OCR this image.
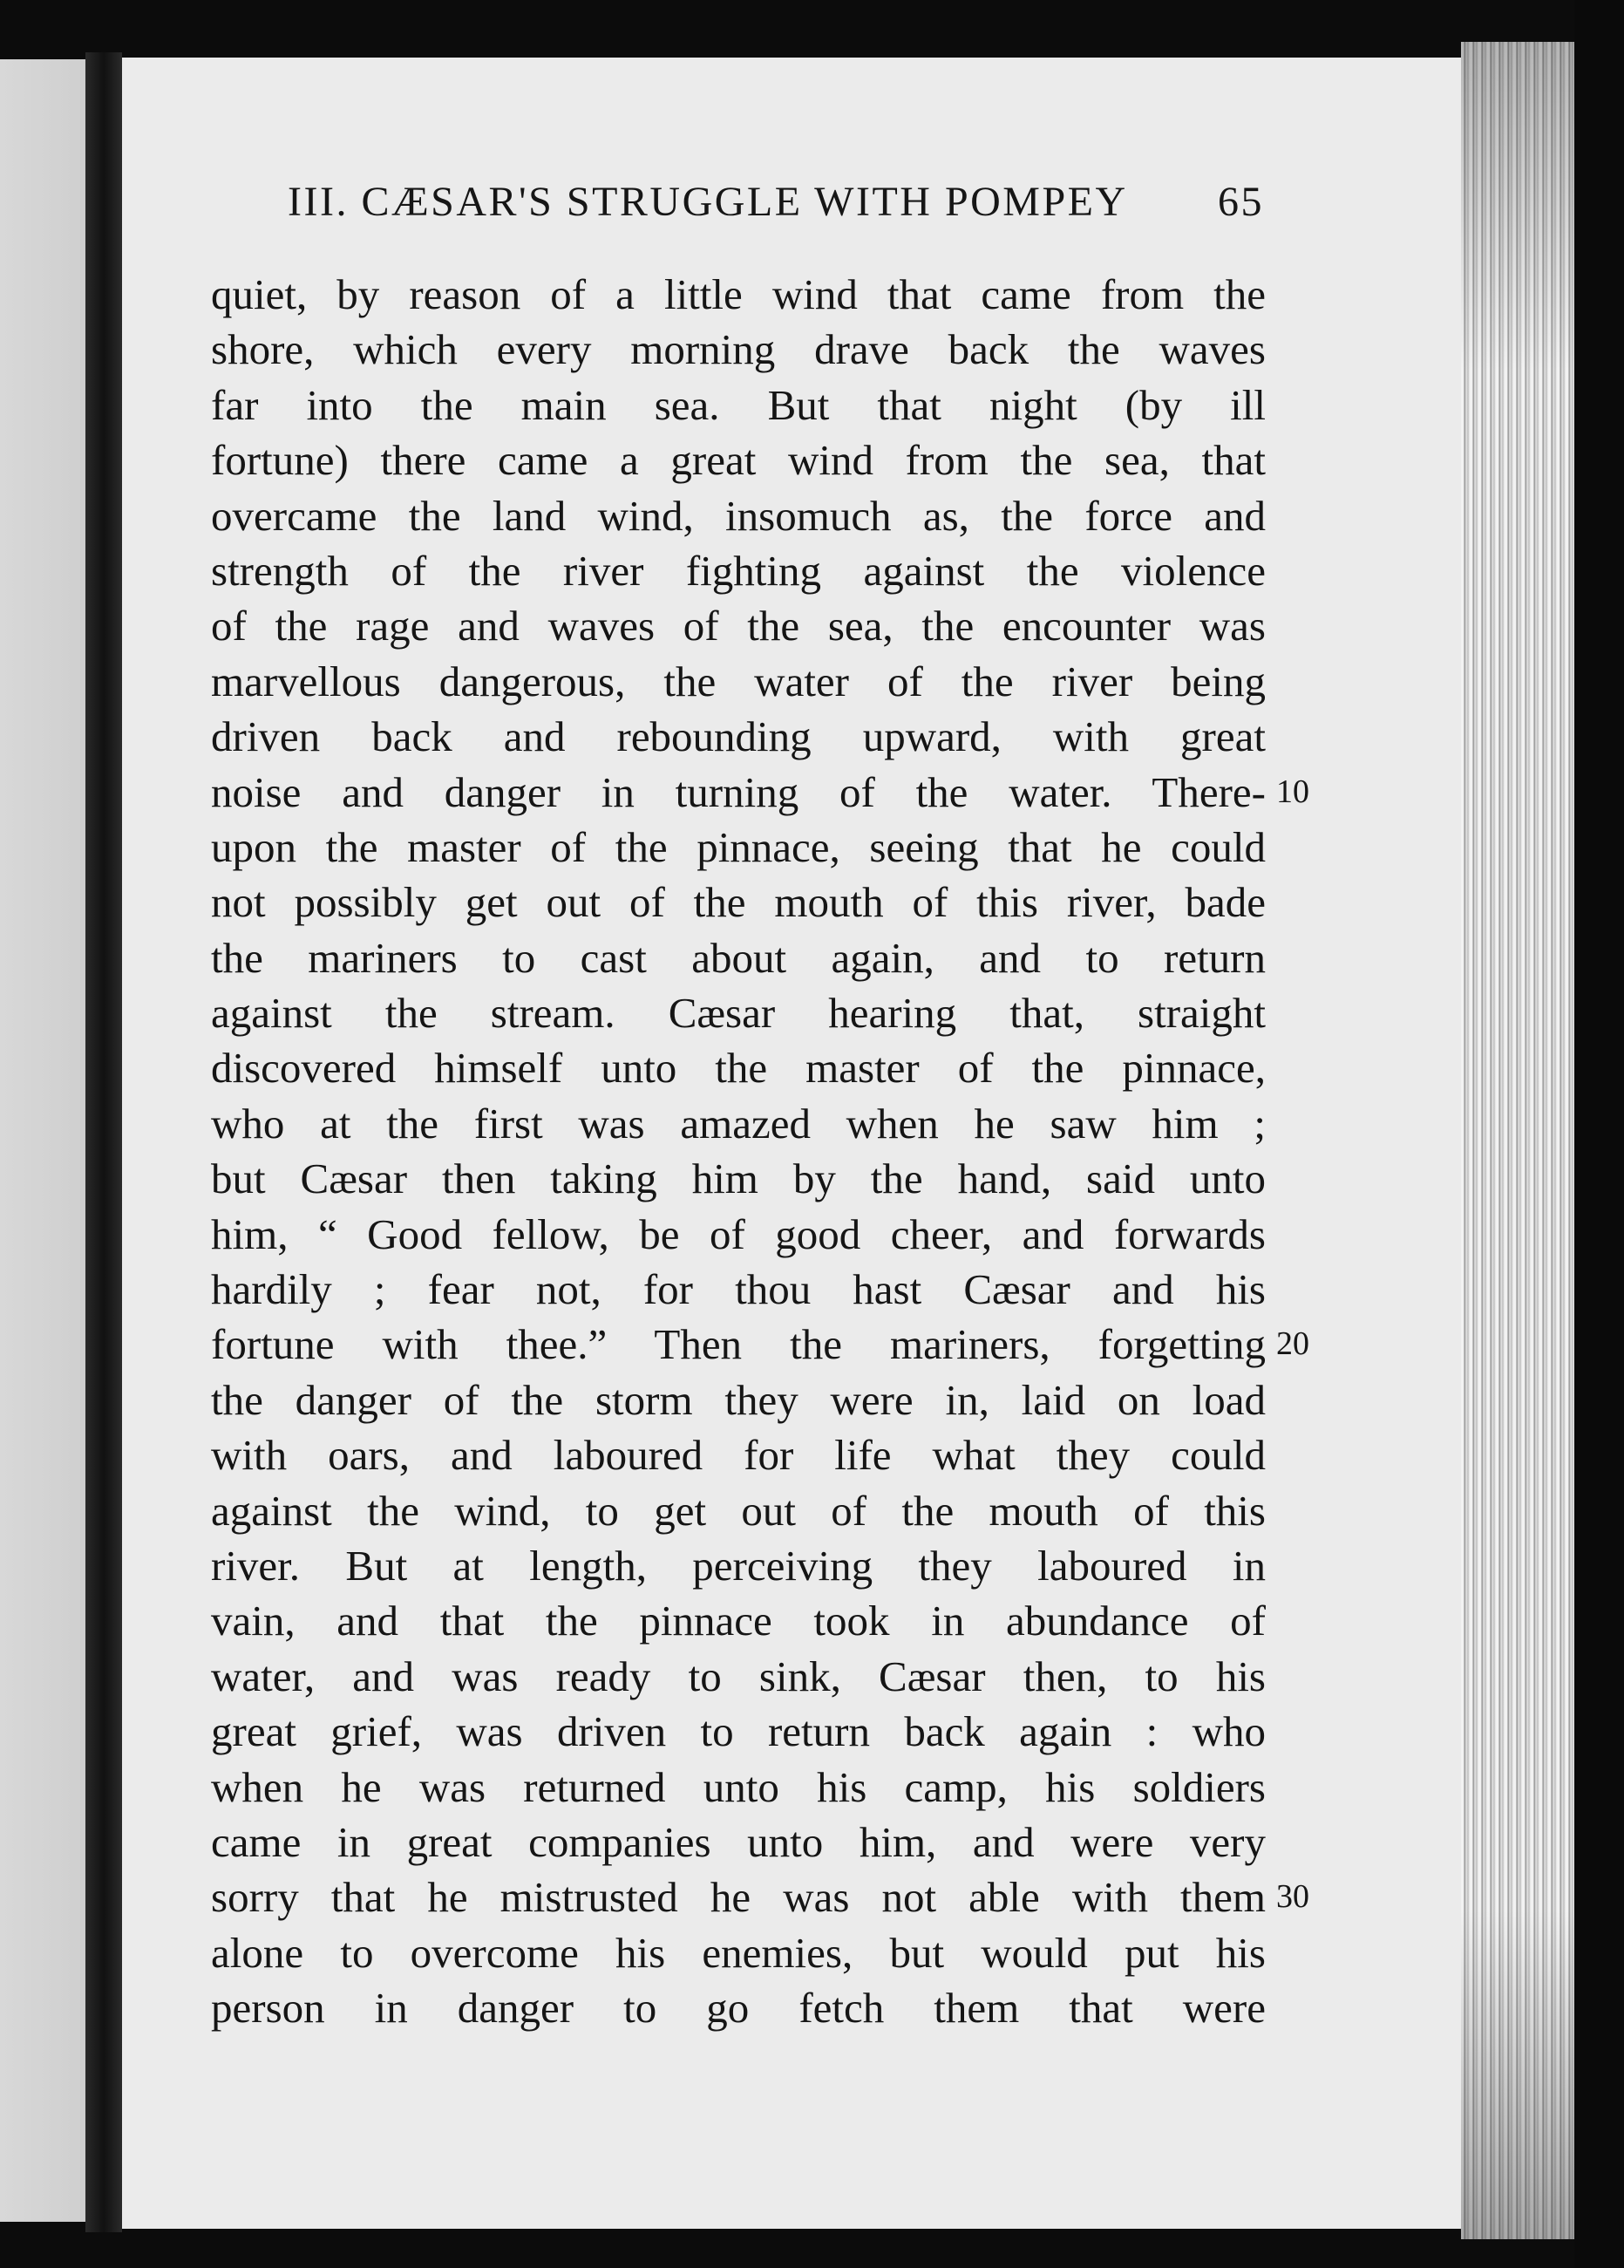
III. CÆSAR'S STRUGGLE WITH POMPEY 65
quiet, by reason of a little wind that came from the
shore, which every morning drave back the waves
far into the main sea. But that night (by ill
fortune) there came a great wind from the sea, that
overcame the land wind, insomuch as, the force and
strength of the river fighting against the violence
of the rage and waves of the sea, the encounter was
marvellous dangerous, the water of the river being
driven back and rebounding upward, with great
noise and danger in turning of the water. There- 10
upon the master of the pinnace, seeing that he could
not possibly get out of the mouth of this river, bade
the mariners to cast about again, and to return
against the stream. Cæsar hearing that, straight
discovered himself unto the master of the pinnace,
who at the first was amazed when he saw him ;
but Cæsar then taking him by the hand, said unto
him, “ Good fellow, be of good cheer, and forwards
hardily ; fear not, for thou hast Cæsar and his
fortune with thee.” Then the mariners, forgetting 20
the danger of the storm they were in, laid on load
with oars, and laboured for life what they could
against the wind, to get out of the mouth of this
river. But at length, perceiving they laboured in
vain, and that the pinnace took in abundance of
water, and was ready to sink, Cæsar then, to his
great grief, was driven to return back again : who
when he was returned unto his camp, his soldiers
came in great companies unto him, and were very
sorry that he mistrusted he was not able with them 30
alone to overcome his enemies, but would put his
person in danger to go fetch them that were
